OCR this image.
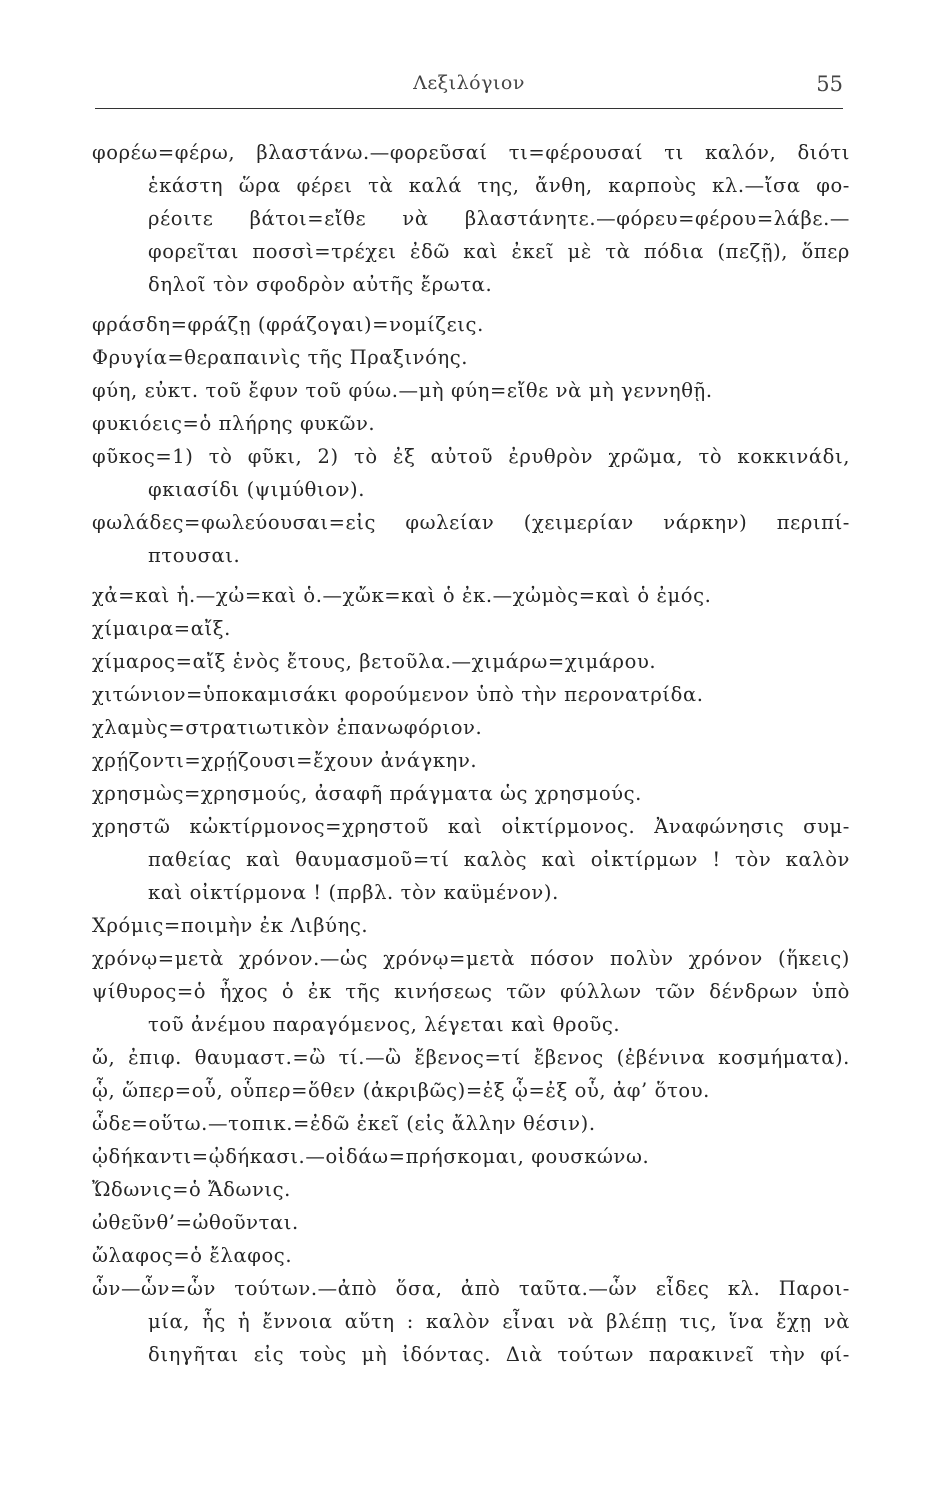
Λεξιλόγιον	55
φορέω=φέρω, βλαστάνω.—φορεῦσαί τι=φέρουσαί τι καλόν, διότι
ἑκάστη ὥρα φέρει τὰ καλά της, ἄνθη, καρποὺς κλ.—ἴσα φο-
ρέοιτε βάτοι=εἴθε νὰ βλαστάνητε.—φόρευ=φέρου=λάβε.—
φορεῖται ποσσὶ=τρέχει ἐδῶ καὶ ἐκεῖ μὲ τὰ πόδια (πεζῇ), ὅπερ
δηλοῖ τὸν σφοδρὸν αὐτῆς ἔρωτα.
φράσδη=φράζῃ (φράζογαι)=νομίζεις.
Φρυγία=θεραπαινὶς τῆς Πραξινόης.
φύη, εὐκτ. τοῦ ἔφυν τοῦ φύω.—μὴ φύη=εἴθε νὰ μὴ γεννηθῇ.
φυκιόεις=ὁ πλήρης φυκῶν.
φῦκος=1) τὸ φῦκι, 2) τὸ ἐξ αὐτοῦ ἐρυθρὸν χρῶμα, τὸ κοκκινάδι,
φκιασίδι (ψιμύθιον).
φωλάδες=φωλεύουσαι=εἰς φωλείαν (χειμερίαν νάρκην) περιπί-
πτουσαι.
χἀ=καὶ ἡ.—χὠ=καὶ ὁ.—χὤκ=καὶ ὁ ἐκ.—χὠμὸς=καὶ ὁ ἐμός.
χίμαιρα=αἴξ.
χίμαρος=αἴξ ἑνὸς ἔτους, βετοῦλα.—χιμάρω=χιμάρου.
χιτώνιον=ὑποκαμισάκι φορούμενον ὑπὸ τὴν περονατρίδα.
χλαμὺς=στρατιωτικὸν ἐπανωφόριον.
χρῄζοντι=χρῄζουσι=ἔχουν ἀνάγκην.
χρησμὼς=χρησμούς, ἀσαφῆ πράγματα ὡς χρησμούς.
χρηστῶ κὠκτίρμονος=χρηστοῦ καὶ οἰκτίρμονος. Ἀναφώνησις συμ-
παθείας καὶ θαυμασμοῦ=τί καλὸς καὶ οἰκτίρμων ! τὸν καλὸν
καὶ οἰκτίρμονα ! (πρβλ. τὸν καϋμένον).
Χρόμις=ποιμὴν ἐκ Λιβύης.
χρόνῳ=μετὰ χρόνον.—ὡς χρόνῳ=μετὰ πόσον πολὺν χρόνον (ἥκεις)
ψίθυρος=ὁ ἦχος ὁ ἐκ τῆς κινήσεως τῶν φύλλων τῶν δένδρων ὑπὸ
τοῦ ἀνέμου παραγόμενος, λέγεται καὶ θροῦς.
ὤ, ἐπιφ. θαυμαστ.=ὢ τί.—ὢ ἔβενος=τί ἔβενος (ἐβένινα κοσμήματα).
ᾧ, ὥπερ=οὗ, οὗπερ=ὅθεν (ἀκριβῶς)=ἐξ ᾧ=ἐξ οὗ, ἀφ’ ὅτου.
ὧδε=οὕτω.—τοπικ.=ἐδῶ ἐκεῖ (εἰς ἄλλην θέσιν).
ᾠδήκαντι=ᾠδήκασι.—οἰδάω=πρήσκομαι, φουσκώνω.
Ὤδωνις=ὁ Ἄδωνις.
ὠθεῦνθ’=ὠθοῦνται.
ὤλαφος=ὁ ἔλαφος.
ὧν—ὧν=ὧν τούτων.—ἀπὸ ὅσα, ἀπὸ ταῦτα.—ὧν εἶδες κλ. Παροι-
μία, ἧς ἡ ἔννοια αὕτη : καλὸν εἶναι νὰ βλέπῃ τις, ἵνα ἔχῃ νὰ
διηγῆται εἰς τοὺς μὴ ἰδόντας. Διὰ τούτων παρακινεῖ τὴν φί-
